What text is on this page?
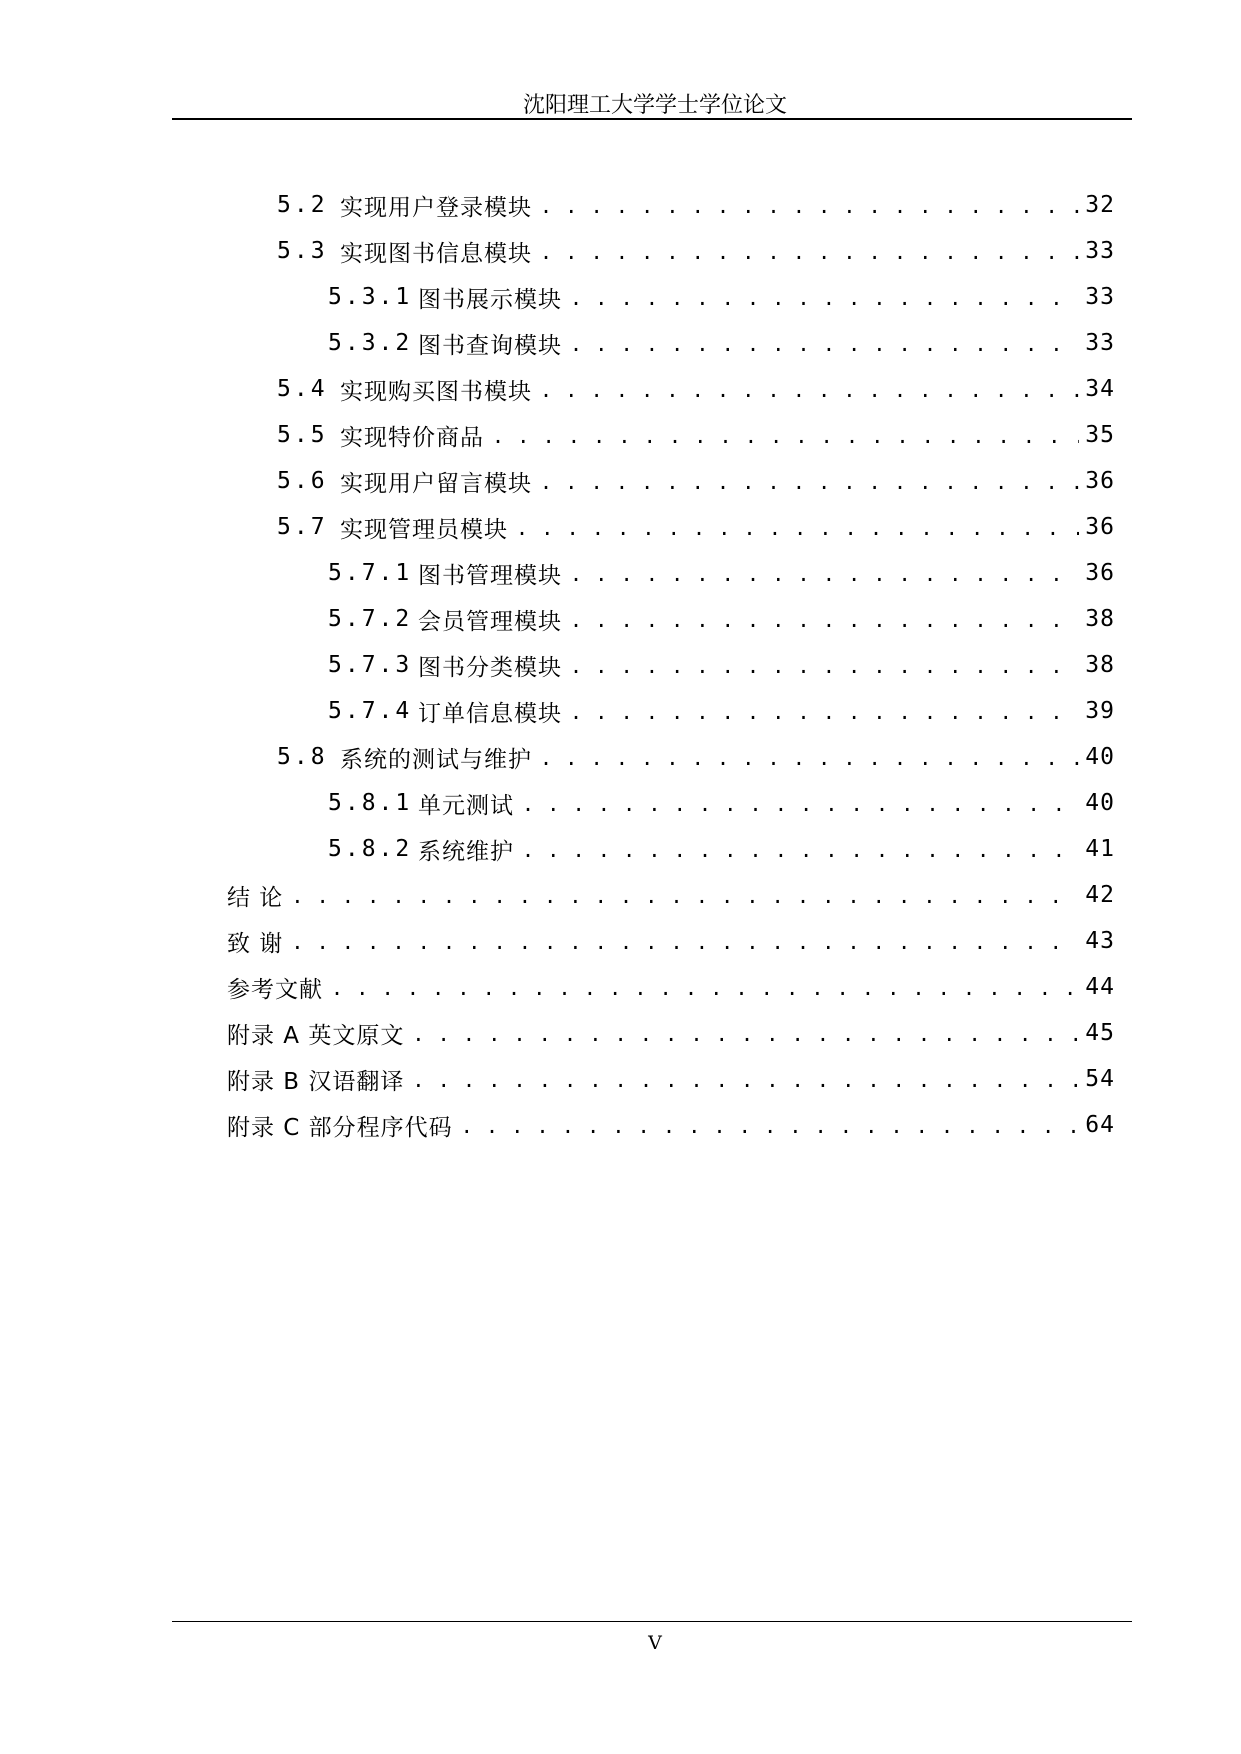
沈阳理工大学学士学位论文
5.2 实现用户登录模块 . . .	32
5.3 实现图书信息模块 . . .	33
5.3.1 图书展示模块 . . .	33
5.3.2 图书查询模块 . . .	33
5.4 实现购买图书模块 . . .	34
5.5 实现特价商品 . . .	35
5.6 实现用户留言模块 . . .	36
5.7 实现管理员模块 . . .	36
5.7.1 图书管理模块 . . .	36
5.7.2 会员管理模块 . . .	38
5.7.3 图书分类模块 . . .	38
5.7.4 订单信息模块 . . .	39
5.8 系统的测试与维护 . . .	40
5.8.1 单元测试 . . .	40
5.8.2 系统维护 . . .	41
结 论 . . .	42
致 谢 . . .	43
参考文献 . . .	44
附录 A 英文原文 . . .	45
附录 B 汉语翻译 . . .	54
附录 C 部分程序代码 . . .	64
V
